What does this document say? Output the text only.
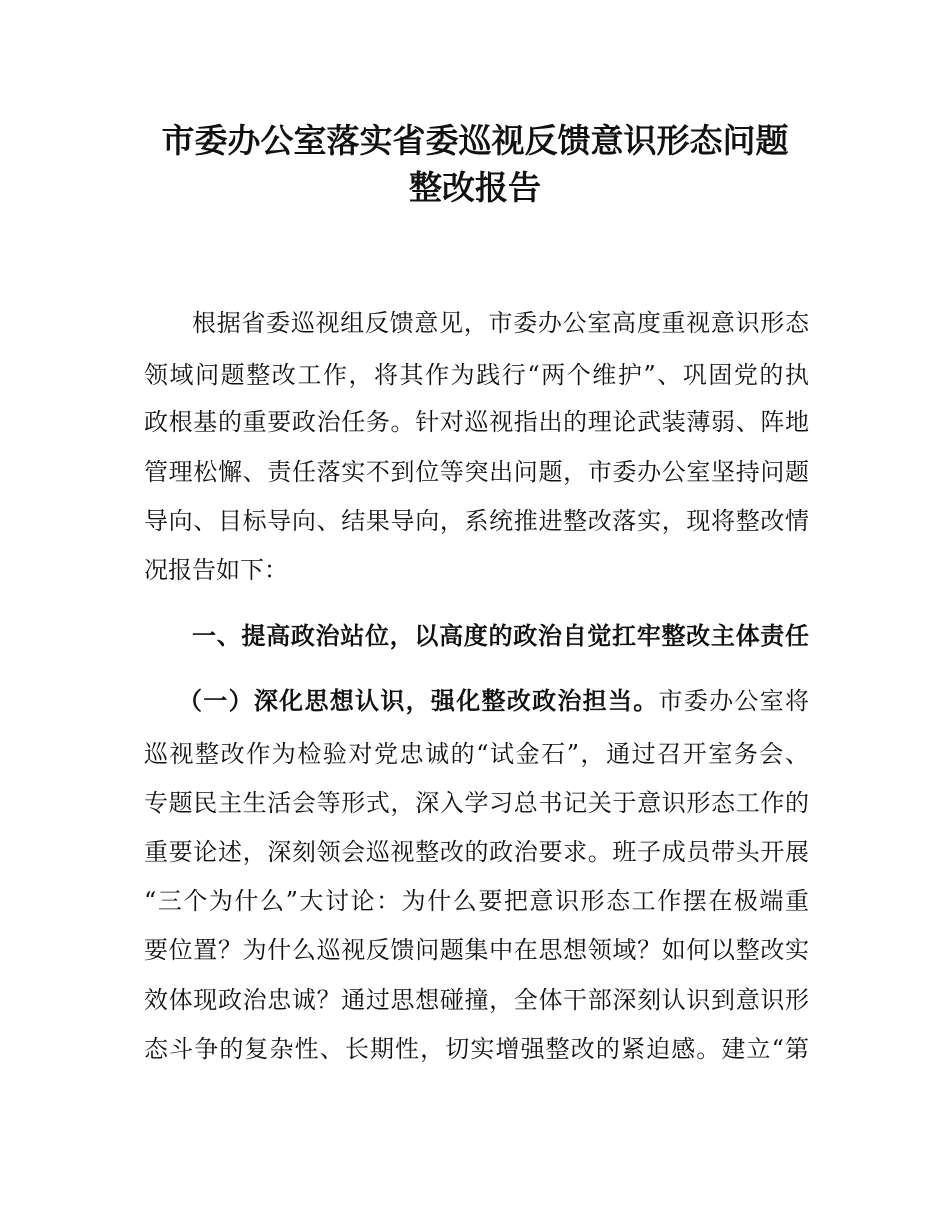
市委办公室落实省委巡视反馈意识形态问题
整改报告

根据省委巡视组反馈意见，市委办公室高度重视意识形态

领域问题整改工作，将其作为践行“两个维护”、巩固党的执

政根基的重要政治任务。针对巡视指出的理论武装薄弱、阵地

管理松懈、责任落实不到位等突出问题，市委办公室坚持问题

导向、目标导向、结果导向，系统推进整改落实，现将整改情

况报告如下：

一、提高政治站位，以高度的政治自觉扛牢整改主体责任

（一）深化思想认识，强化整改政治担当。市委办公室将

巡视整改作为检验对党忠诚的“试金石”，通过召开室务会、

专题民主生活会等形式，深入学习总书记关于意识形态工作的

重要论述，深刻领会巡视整改的政治要求。班子成员带头开展

“三个为什么”大讨论：为什么要把意识形态工作摆在极端重

要位置？为什么巡视反馈问题集中在思想领域？如何以整改实

效体现政治忠诚？通过思想碰撞，全体干部深刻认识到意识形

态斗争的复杂性、长期性，切实增强整改的紧迫感。建立“第
